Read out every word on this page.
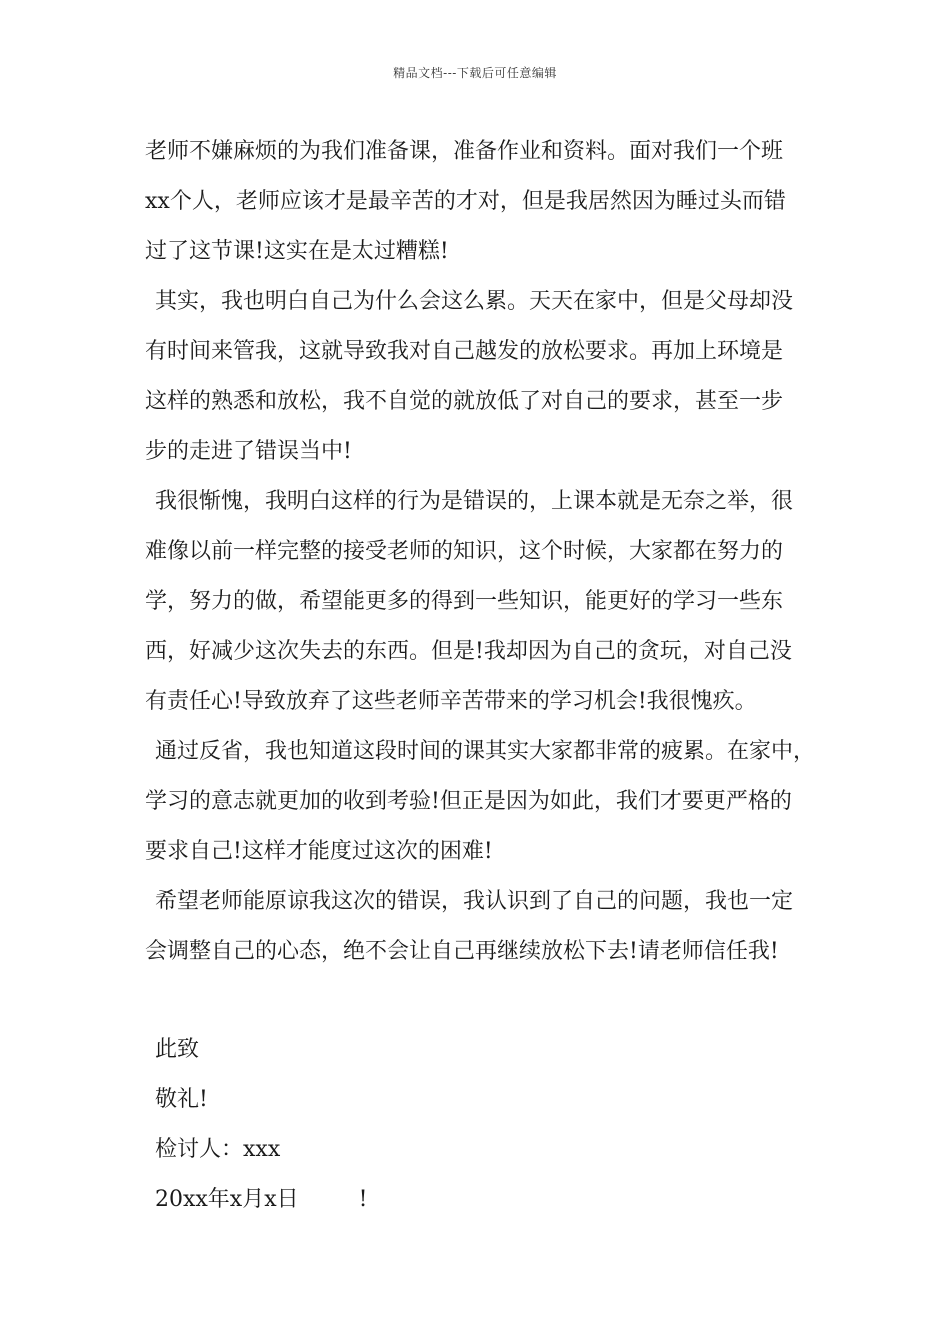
精品文档---下载后可任意编辑
老师不嫌麻烦的为我们准备课，准备作业和资料。面对我们一个班
xx个人，老师应该才是最辛苦的才对，但是我居然因为睡过头而错
过了这节课!这实在是太过糟糕!
其实，我也明白自己为什么会这么累。天天在家中，但是父母却没
有时间来管我，这就导致我对自己越发的放松要求。再加上环境是
这样的熟悉和放松，我不自觉的就放低了对自己的要求，甚至一步
步的走进了错误当中!
我很惭愧，我明白这样的行为是错误的，上课本就是无奈之举，很
难像以前一样完整的接受老师的知识，这个时候，大家都在努力的
学，努力的做，希望能更多的得到一些知识，能更好的学习一些东
西，好减少这次失去的东西。但是!我却因为自己的贪玩，对自己没
有责任心!导致放弃了这些老师辛苦带来的学习机会!我很愧疚。
通过反省，我也知道这段时间的课其实大家都非常的疲累。在家中，
学习的意志就更加的收到考验!但正是因为如此，我们才要更严格的
要求自己!这样才能度过这次的困难!
希望老师能原谅我这次的错误，我认识到了自己的问题，我也一定
会调整自己的心态，绝不会让自己再继续放松下去!请老师信任我!
此致
敬礼!
检讨人：xxx
20xx年x月x日	!
